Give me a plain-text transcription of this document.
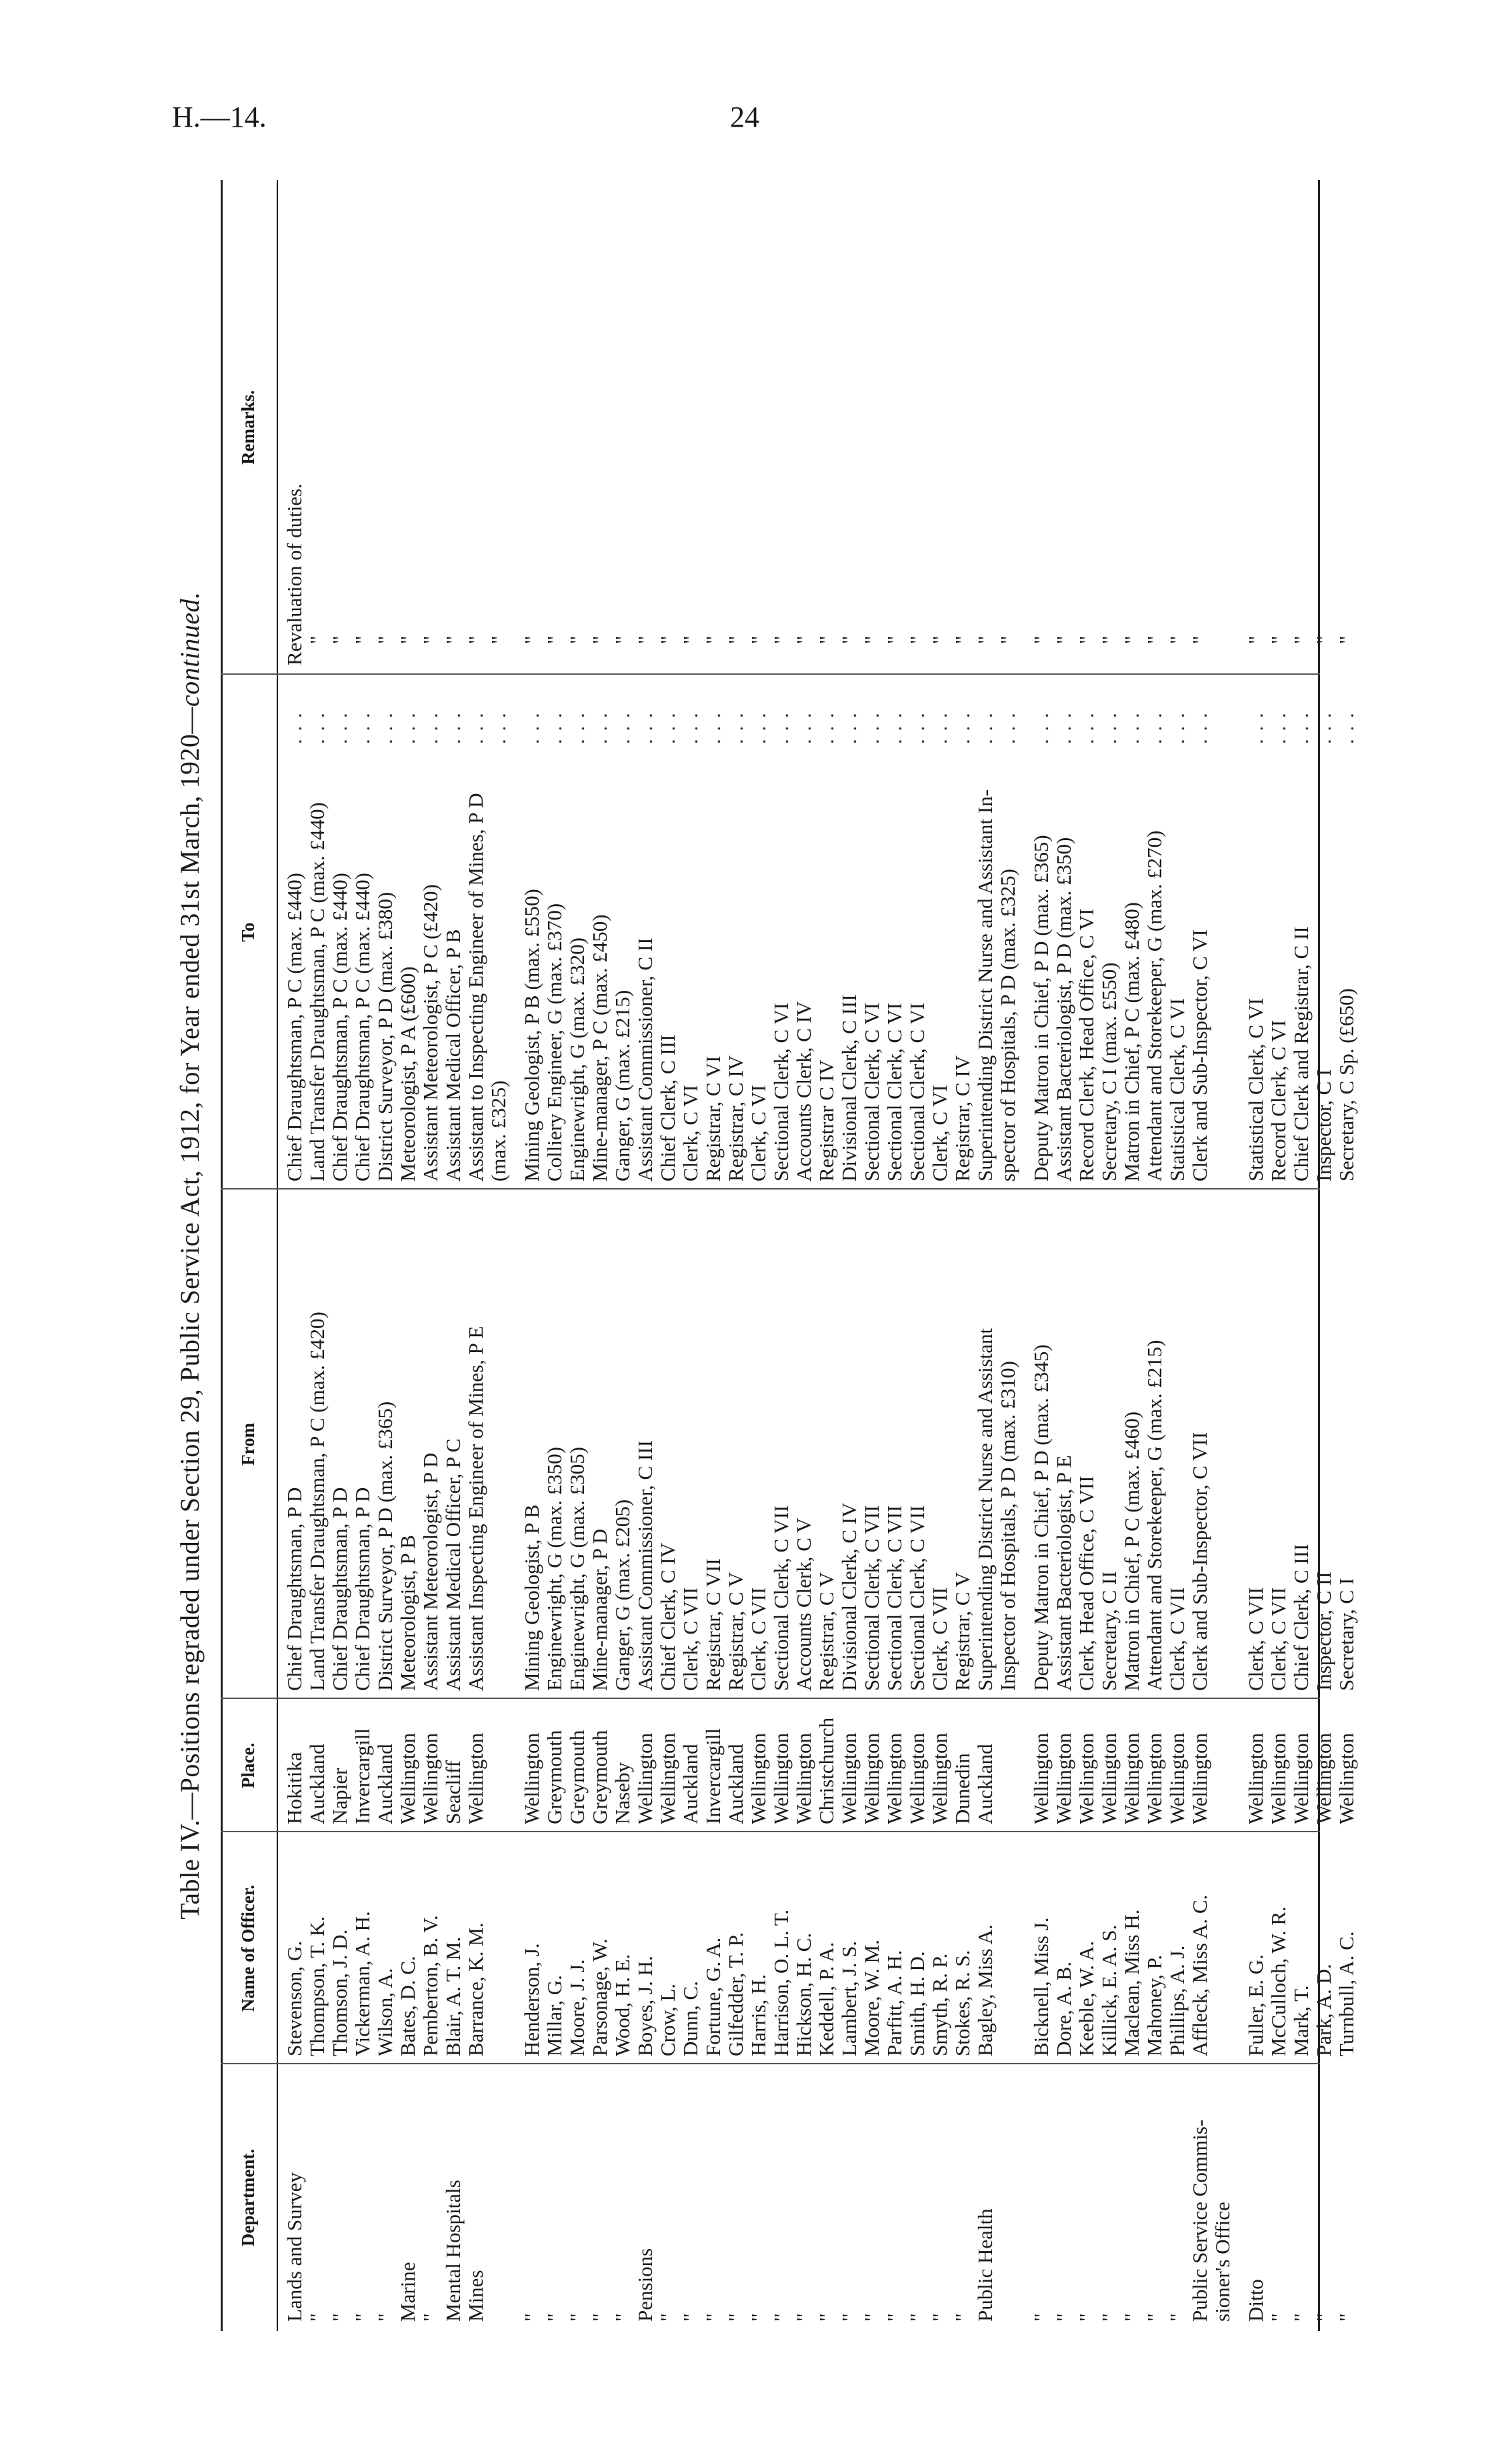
H.—14.	24
Table IV.—Positions regraded under Section 29, Public Service Act, 1912, for Year ended 31st March, 1920—continued.
Department.
Name of Officer.
Place.
From
To
Remarks.
Revaluation of duties.
Lands and Survey
Stevenson, G.
Hokitika
Chief Draughtsman, P D
Chief Draughtsman, P C (max. £440)
. . .
"
Thompson, T. K.
Auckland
Land Transfer Draughtsman, P C (max. £420)
Land Transfer Draughtsman, P C (max. £440)
. . .
"
"
Thomson, J. D.
Napier
Chief Draughtsman, P D
Chief Draughtsman, P C (max. £440)
. . .
"
"
Vickerman, A. H.
Invercargill
Chief Draughtsman, P D
Chief Draughtsman, P C (max. £440)
. . .
"
"
Wilson, A.
Auckland
District Surveyor, P D (max. £365)
District Surveyor, P D (max. £380)
. . .
"
Marine
Bates, D. C.
Wellington
Meteorologist, P B
Meteorologist, P A (£600)
. . .
"
"
Pemberton, B. V.
Wellington
Assistant Meteorologist, P D
Assistant Meteorologist, P C (£420)
. . .
"
Mental Hospitals
Blair, A. T. M.
Seacliff
Assistant Medical Officer, P C
Assistant Medical Officer, P B
. . .
"
Mines
Barrance, K. M.
Wellington
Assistant Inspecting Engineer of Mines, P E
Assistant to Inspecting Engineer of Mines, P D
. . .
"
(max. £325)
. . .
"
"
Henderson, J.
Wellington
Mining Geologist, P B
Mining Geologist, P B (max. £550)
. . .
"
"
Millar, G.
Greymouth
Enginewright, G (max. £350)
Colliery Engineer, G (max. £370)
. . .
"
"
Moore, J. J.
Greymouth
Enginewright, G (max. £305)
Enginewright, G (max. £320)
. . .
"
"
Parsonage, W.
Greymouth
Mine-manager, P D
Mine-manager, P C (max. £450)
. . .
"
"
Wood, H. E.
Naseby
Ganger, G (max. £205)
Ganger, G (max. £215)
. . .
"
Pensions
Boyes, J. H.
Wellington
Assistant Commissioner, C III
Assistant Commissioner, C II
. . .
"
"
Crow, L.
Wellington
Chief Clerk, C IV
Chief Clerk, C III
. . .
"
"
Dunn, C.
Auckland
Clerk, C VII
Clerk, C VI
. . .
"
"
Fortune, G. A.
Invercargill
Registrar, C VII
Registrar, C VI
. . .
"
"
Gilfedder, T. P.
Auckland
Registrar, C V
Registrar, C IV
. . .
"
"
Harris, H.
Wellington
Clerk, C VII
Clerk, C VI
. . .
"
"
Harrison, O. L. T.
Wellington
Sectional Clerk, C VII
Sectional Clerk, C VI
. . .
"
"
Hickson, H. C.
Wellington
Accounts Clerk, C V
Accounts Clerk, C IV
. . .
"
"
Keddell, P. A.
Christchurch
Registrar, C V
Registrar C IV
. . .
"
"
Lambert, J. S.
Wellington
Divisional Clerk, C IV
Divisional Clerk, C III
. . .
"
"
Moore, W. M.
Wellington
Sectional Clerk, C VII
Sectional Clerk, C VI
. . .
"
"
Parfitt, A. H.
Wellington
Sectional Clerk, C VII
Sectional Clerk, C VI
. . .
"
"
Smith, H. D.
Wellington
Sectional Clerk, C VII
Sectional Clerk, C VI
. . .
"
"
Smyth, R. P.
Wellington
Clerk, C VII
Clerk, C VI
. . .
"
"
Stokes, R. S.
Dunedin
Registrar, C V
Registrar, C IV
. . .
"
Public Health
Bagley, Miss A.
Auckland
Superintending District Nurse and Assistant
Superintending District Nurse and Assistant In-
. . .
"
Inspector of Hospitals, P D (max. £310)
spector of Hospitals, P D (max. £325)
. . .
"
"
Bicknell, Miss J.
Wellington
Deputy Matron in Chief, P D (max. £345)
Deputy Matron in Chief, P D (max. £365)
. . .
"
"
Dore, A. B.
Wellington
Assistant Bacteriologist, P E
Assistant Bacteriologist, P D (max. £350)
. . .
"
"
Keeble, W. A.
Wellington
Clerk, Head Office, C VII
Record Clerk, Head Office, C VI
. . .
"
"
Killick, E. A. S.
Wellington
Secretary, C II
Secretary, C I (max. £550)
. . .
"
"
Maclean, Miss H.
Wellington
Matron in Chief, P C (max. £460)
Matron in Chief, P C (max. £480)
. . .
"
"
Mahoney, P.
Wellington
Attendant and Storekeeper, G (max. £215)
Attendant and Storekeeper, G (max. £270)
. . .
"
"
Phillips, A. J.
Wellington
Clerk, C VII
Statistical Clerk, C VI
. . .
"
Public Service Commis-
Affleck, Miss A. C.
Wellington
Clerk and Sub-Inspector, C VII
Clerk and Sub-Inspector, C VI
. . .
"
sioner's Office Ditto
Fuller, E. G.
Wellington
Clerk, C VII
Statistical Clerk, C VI
. . .
"
"
McCulloch, W. R.
Wellington
Clerk, C VII
Record Clerk, C VI
. . .
"
"
Mark, T.
Wellington
Chief Clerk, C III
Chief Clerk and Registrar, C II
. . .
"
"
Park, A. D.
Wellington
Inspector, C II
Inspector, C I
. . .
"
"
Turnbull, A. C.
Wellington
Secretary, C I
Secretary, C Sp. (£650)
. . .
"
